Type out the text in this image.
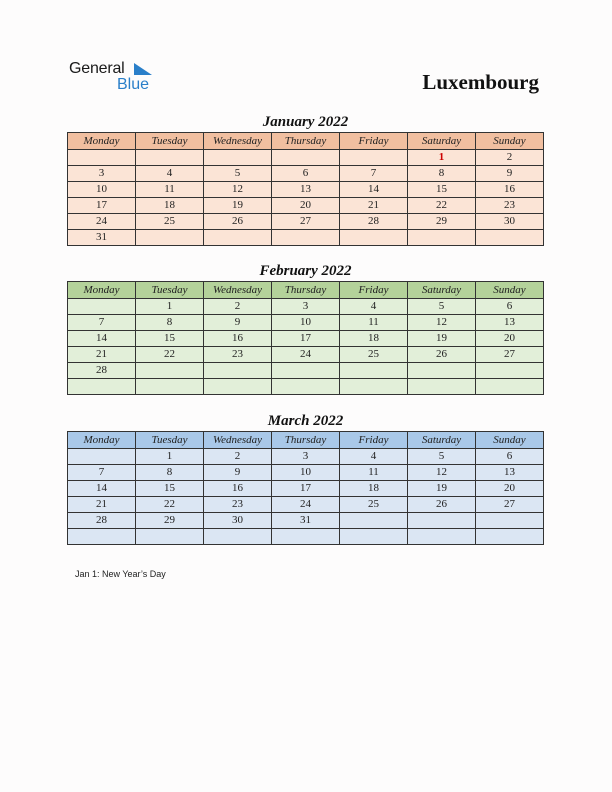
General
Blue	Luxembourg
January 2022
Monday	Tuesday	Wednesday	Thursday	Friday	Saturday	Sunday
					1	2
3	4	5	6	7	8	9
10	11	12	13	14	15	16
17	18	19	20	21	22	23
24	25	26	27	28	29	30
31						
February 2022
Monday	Tuesday	Wednesday	Thursday	Friday	Saturday	Sunday
	1	2	3	4	5	6
7	8	9	10	11	12	13
14	15	16	17	18	19	20
21	22	23	24	25	26	27
28						

March 2022
Monday	Tuesday	Wednesday	Thursday	Friday	Saturday	Sunday
	1	2	3	4	5	6
7	8	9	10	11	12	13
14	15	16	17	18	19	20
21	22	23	24	25	26	27
28	29	30	31			

Jan 1: New Year’s Day
